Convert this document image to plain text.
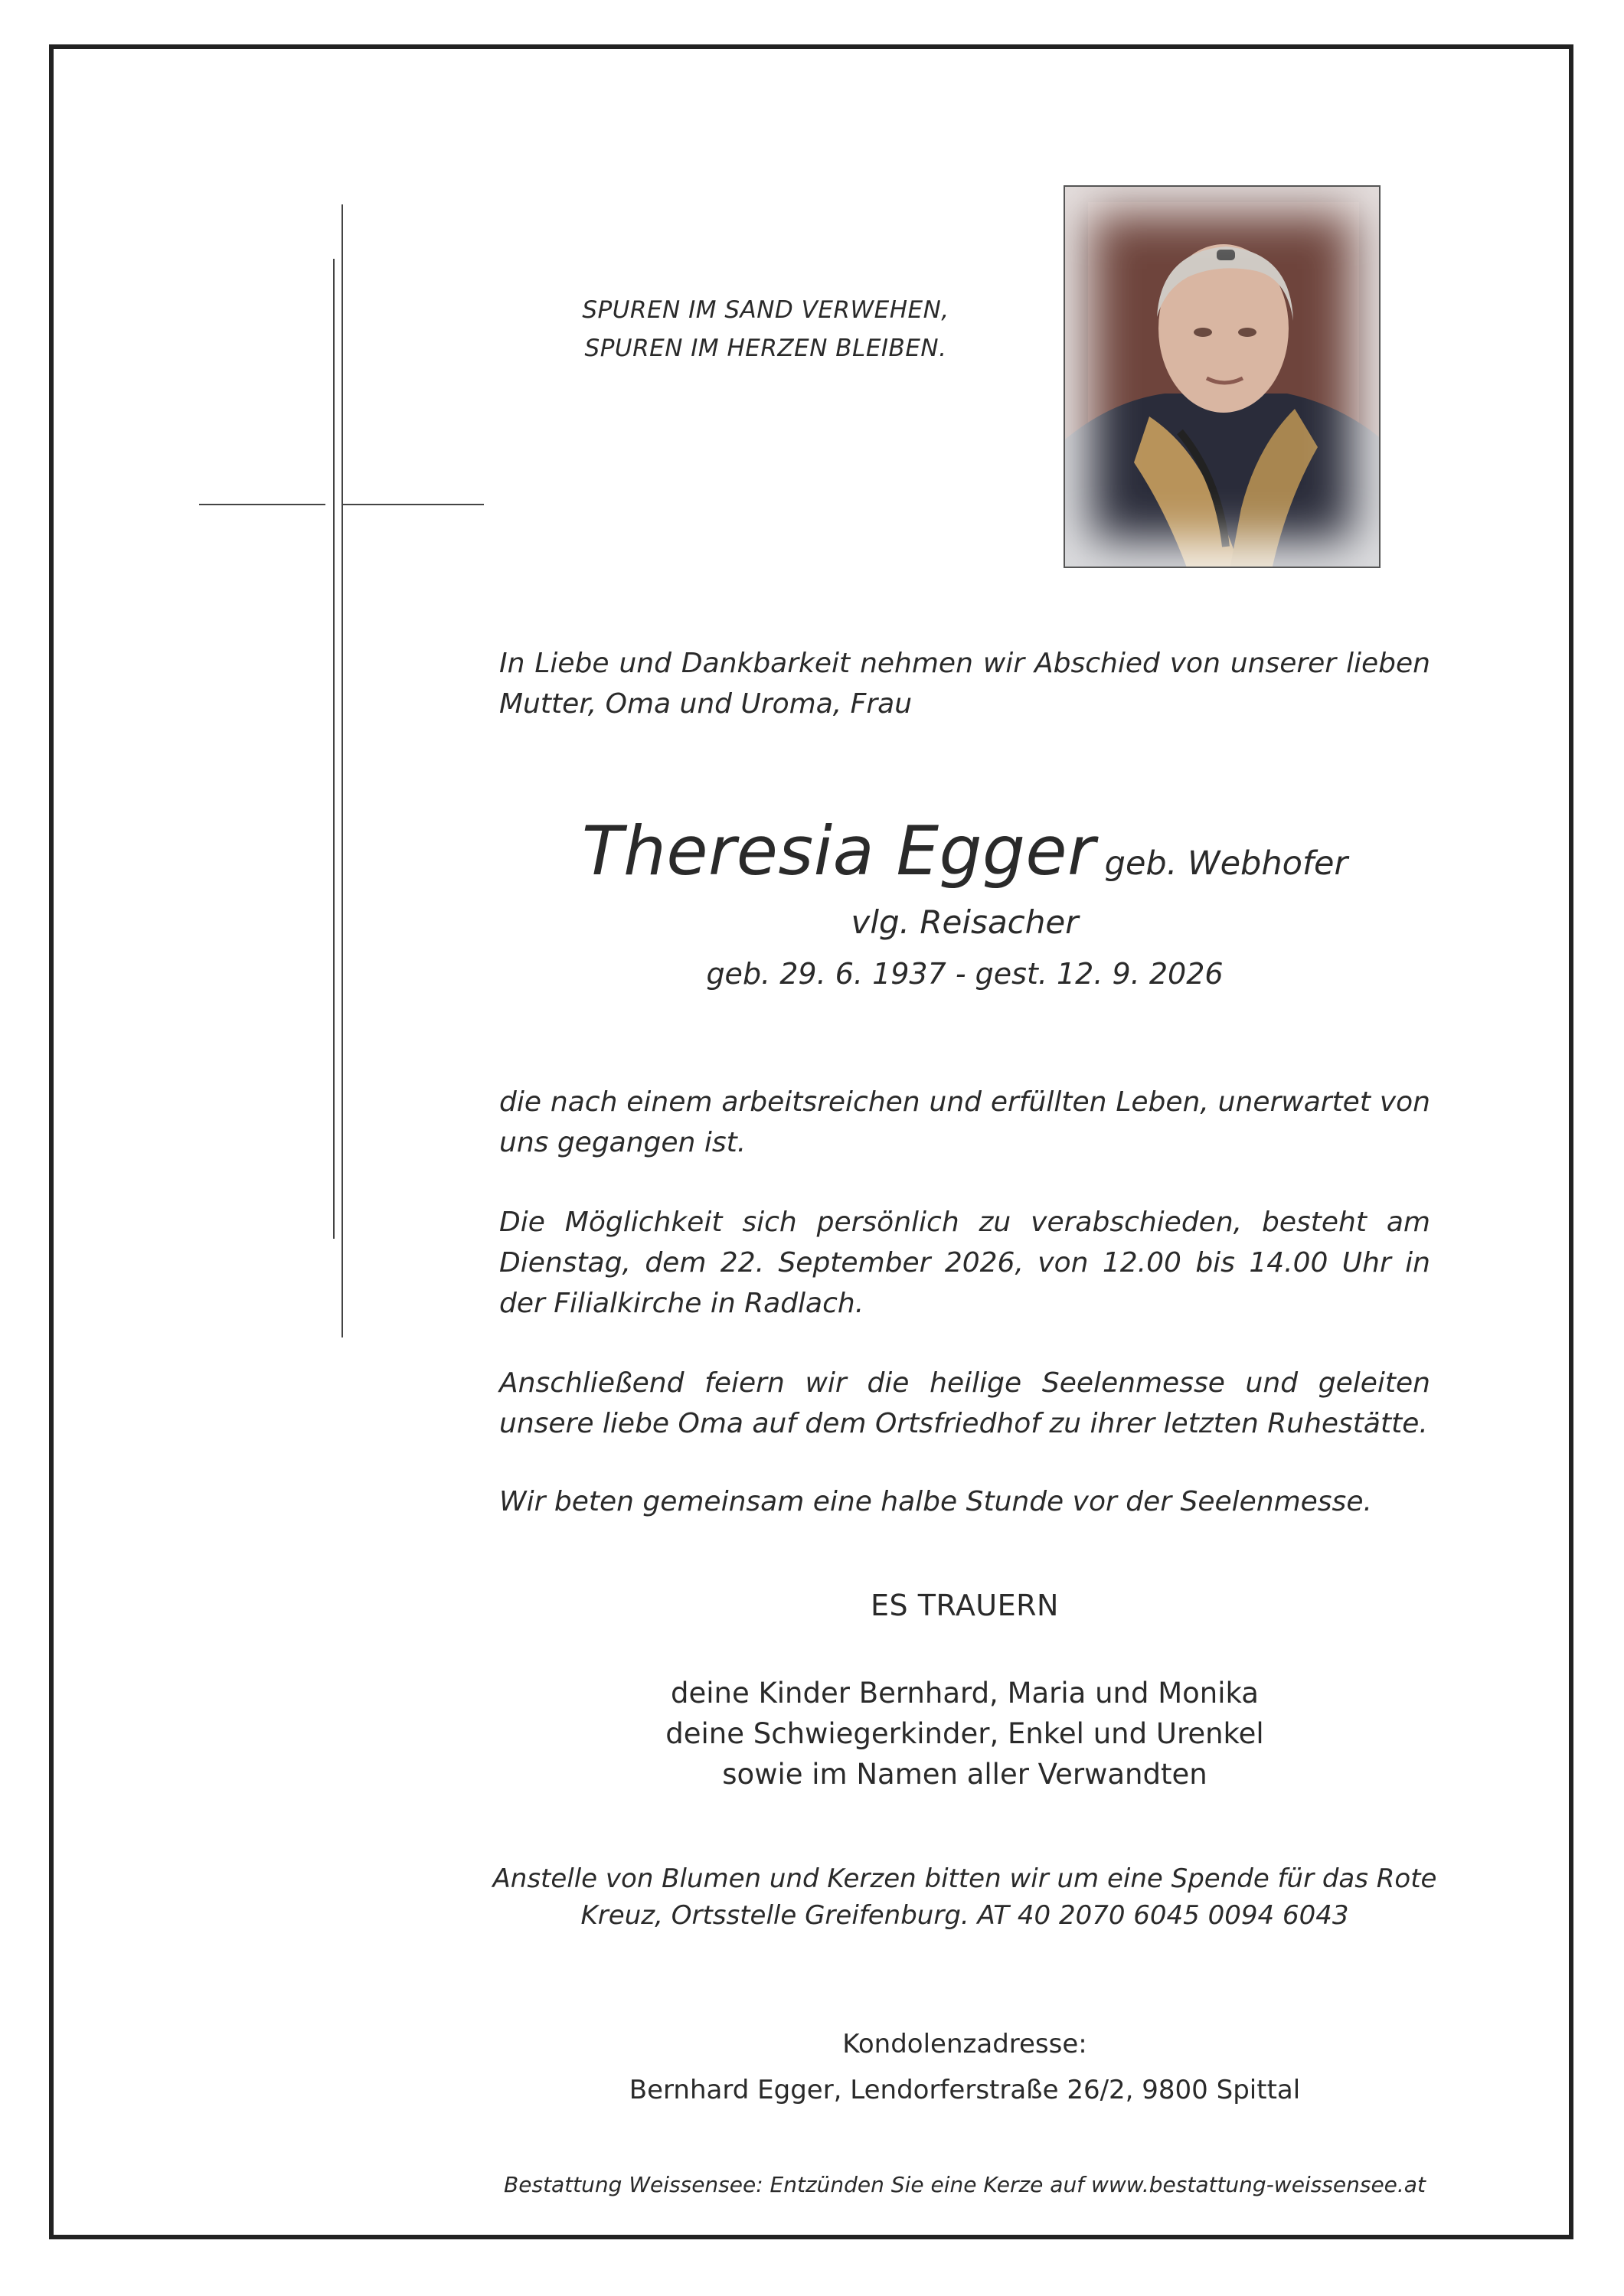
SPUREN IM SAND VERWEHEN,
SPUREN IM HERZEN BLEIBEN.
In Liebe und Dankbarkeit nehmen wir Abschied von unserer lieben Mutter, Oma und Uroma, Frau
Theresia Egger geb. Webhofer
vlg. Reisacher
geb. 29. 6. 1937 - gest. 12. 9. 2026
die nach einem arbeitsreichen und erfüllten Leben, unerwartet von uns gegangen ist.
Die Möglichkeit sich persönlich zu verabschieden, besteht am Dienstag, dem 22. September 2026, von 12.00 bis 14.00 Uhr in der Filialkirche in Radlach.
Anschließend feiern wir die heilige Seelenmesse und geleiten unsere liebe Oma auf dem Ortsfriedhof zu ihrer letzten Ruhestätte.
Wir beten gemeinsam eine halbe Stunde vor der Seelenmesse.
ES TRAUERN
deine Kinder Bernhard, Maria und Monika
deine Schwiegerkinder, Enkel und Urenkel
sowie im Namen aller Verwandten
Anstelle von Blumen und Kerzen bitten wir um eine Spende für das Rote
Kreuz, Ortsstelle Greifenburg. AT 40 2070 6045 0094 6043
Kondolenzadresse:
Bernhard Egger, Lendorferstraße 26/2, 9800 Spittal
Bestattung Weissensee: Entzünden Sie eine Kerze auf www.bestattung-weissensee.at
